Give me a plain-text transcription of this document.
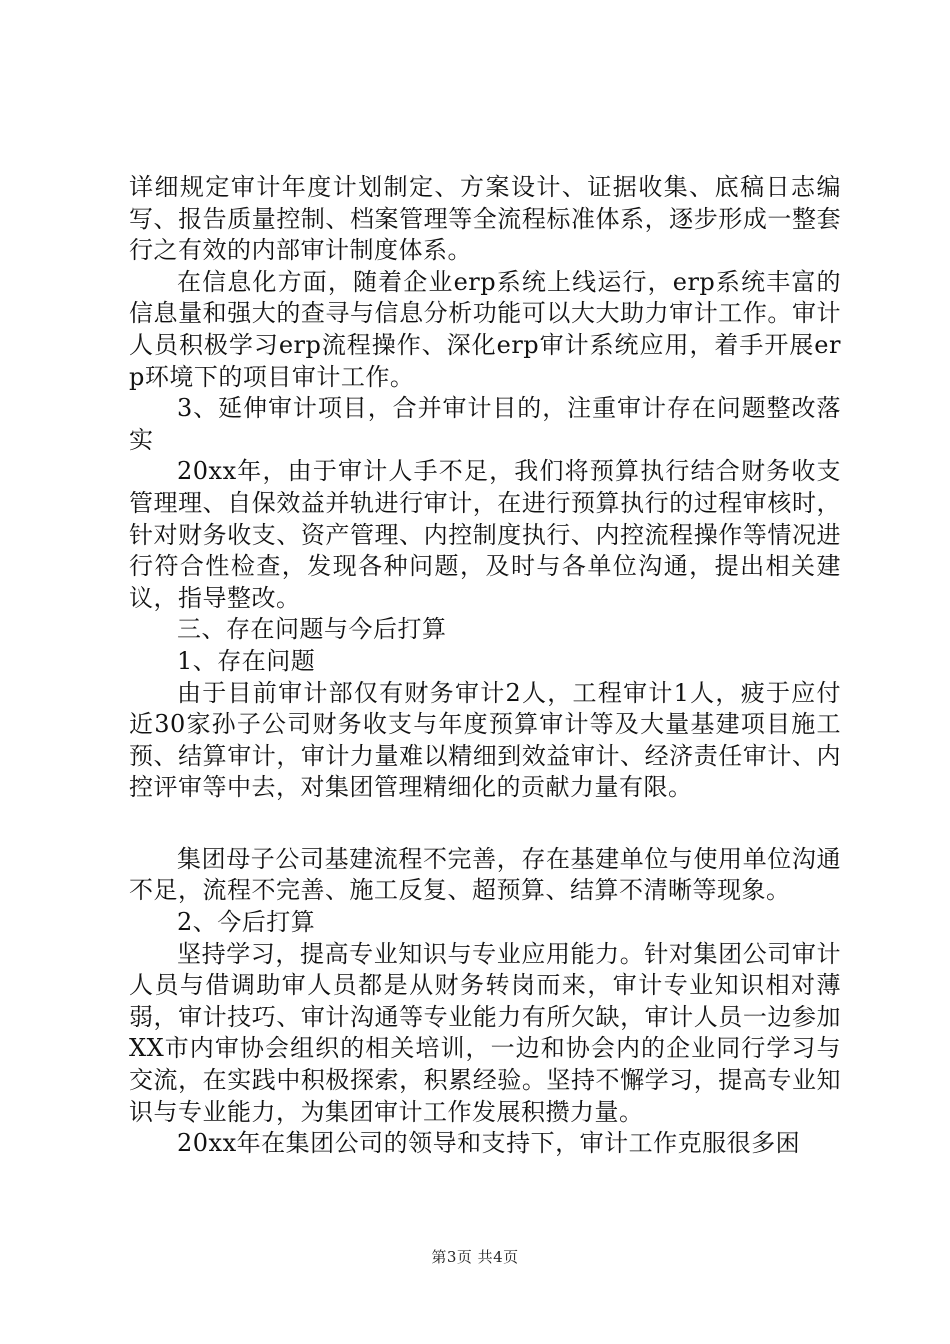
详细规定审计年度计划制定、方案设计、证据收集、底稿日志编写、报告质量控制、档案管理等全流程标准体系，逐步形成一整套行之有效的内部审计制度体系。

在信息化方面，随着企业erp系统上线运行，erp系统丰富的信息量和强大的查寻与信息分析功能可以大大助力审计工作。审计人员积极学习erp流程操作、深化erp审计系统应用，着手开展erp环境下的项目审计工作。

3、延伸审计项目，合并审计目的，注重审计存在问题整改落实

20xx年，由于审计人手不足，我们将预算执行结合财务收支管理理、自保效益并轨进行审计，在进行预算执行的过程审核时，针对财务收支、资产管理、内控制度执行、内控流程操作等情况进行符合性检查，发现各种问题，及时与各单位沟通，提出相关建议，指导整改。

三、存在问题与今后打算

1、存在问题

由于目前审计部仅有财务审计2人，工程审计1人，疲于应付近30家孙子公司财务收支与年度预算审计等及大量基建项目施工预、结算审计，审计力量难以精细到效益审计、经济责任审计、内控评审等中去，对集团管理精细化的贡献力量有限。

集团母子公司基建流程不完善，存在基建单位与使用单位沟通不足，流程不完善、施工反复、超预算、结算不清晰等现象。

2、今后打算

坚持学习，提高专业知识与专业应用能力。针对集团公司审计人员与借调助审人员都是从财务转岗而来，审计专业知识相对薄弱，审计技巧、审计沟通等专业能力有所欠缺，审计人员一边参加XX市内审协会组织的相关培训，一边和协会内的企业同行学习与交流，在实践中积极探索，积累经验。坚持不懈学习，提高专业知识与专业能力，为集团审计工作发展积攒力量。

20xx年在集团公司的领导和支持下，审计工作克服很多困

第3页 共4页
